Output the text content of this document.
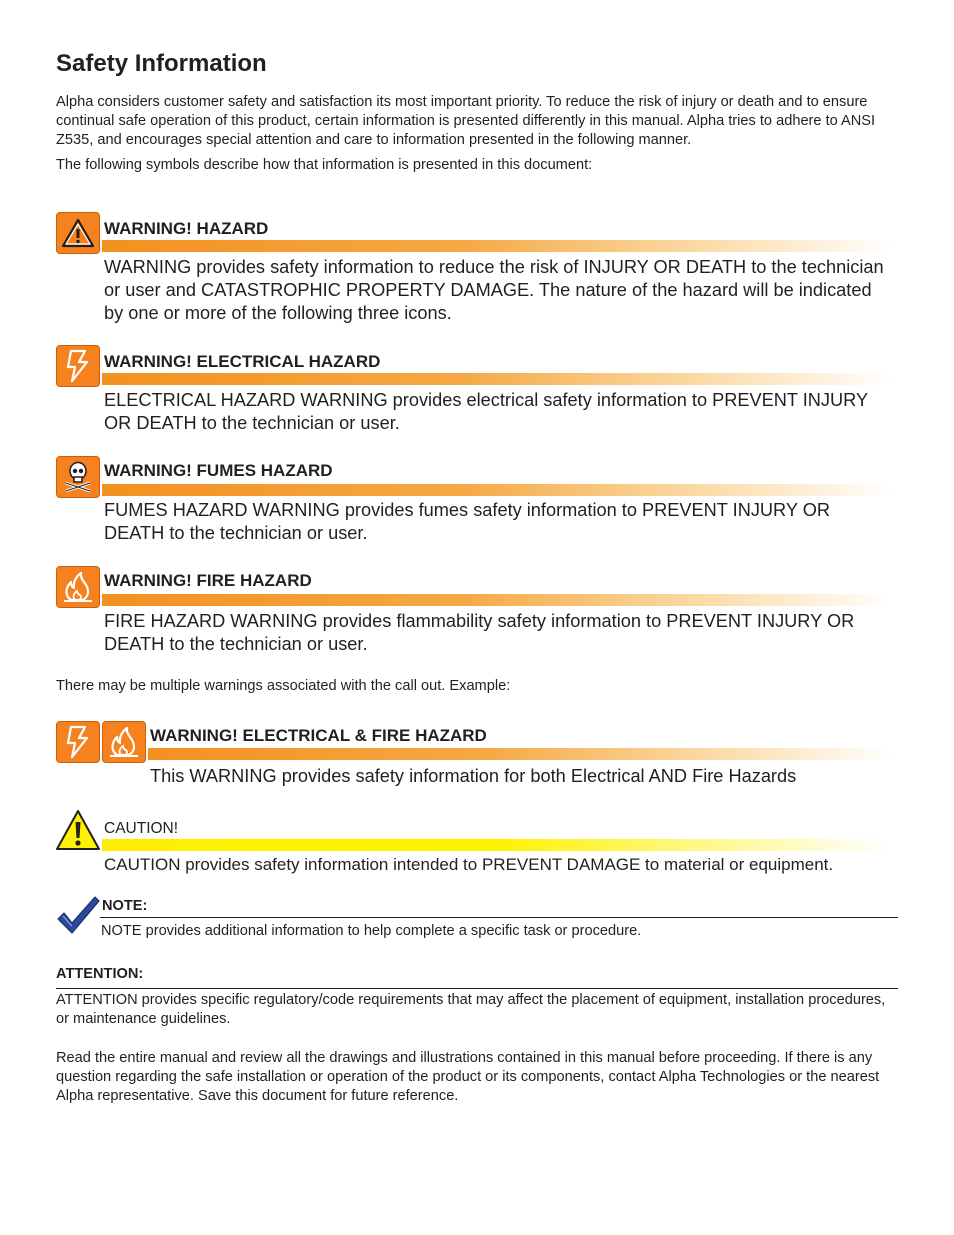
Safety Information
Alpha considers customer safety and satisfaction its most important priority. To reduce the risk of injury or death and to ensure continual safe operation of this product, certain information is presented differently in this manual. Alpha tries to adhere to ANSI Z535, and encourages special attention and care to information presented in the following manner.
The following symbols describe how that information is presented in this document:
WARNING! HAZARD
WARNING provides safety information to reduce the risk of INJURY OR DEATH to the technician or user and CATASTROPHIC PROPERTY DAMAGE. The nature of the hazard will be indicated by one or more of the following three icons.
WARNING! ELECTRICAL HAZARD
ELECTRICAL HAZARD WARNING provides electrical safety information to PREVENT INJURY OR DEATH to the technician or user.
WARNING! FUMES HAZARD
FUMES HAZARD WARNING provides fumes safety information to PREVENT INJURY OR DEATH to the technician or user.
WARNING! FIRE HAZARD
FIRE HAZARD WARNING provides flammability safety information to PREVENT INJURY OR DEATH to the technician or user.
There may be multiple warnings associated with the call out. Example:
WARNING! ELECTRICAL & FIRE HAZARD
This WARNING provides safety information for both Electrical AND Fire Hazards
CAUTION!
CAUTION provides safety information intended to PREVENT DAMAGE to material or equipment.
NOTE:
NOTE provides additional information to help complete a specific task or procedure.
ATTENTION:
ATTENTION provides specific regulatory/code requirements that may affect the placement of equipment, installation procedures, or maintenance guidelines.
Read the entire manual and review all the drawings and illustrations contained in this manual before proceeding. If there is any question regarding the safe installation or operation of the product or its components, contact Alpha Technologies or the nearest Alpha representative. Save this document for future reference.
